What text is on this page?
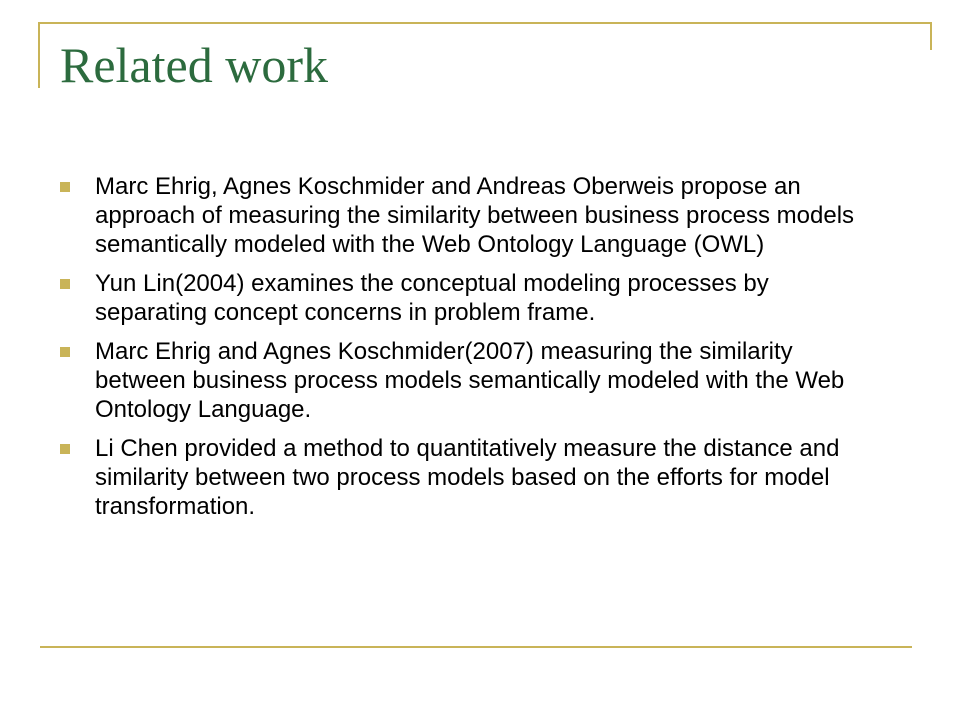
Related work
Marc Ehrig, Agnes Koschmider and Andreas Oberweis propose an approach of measuring the similarity between business process models semantically modeled with the Web Ontology Language (OWL)
Yun Lin(2004) examines the conceptual modeling processes by separating concept concerns in problem frame.
Marc Ehrig and Agnes Koschmider(2007) measuring the similarity between business process models semantically modeled with the Web Ontology Language.
Li Chen provided a method to quantitatively measure the distance and similarity between two process models based on the efforts for model transformation.
